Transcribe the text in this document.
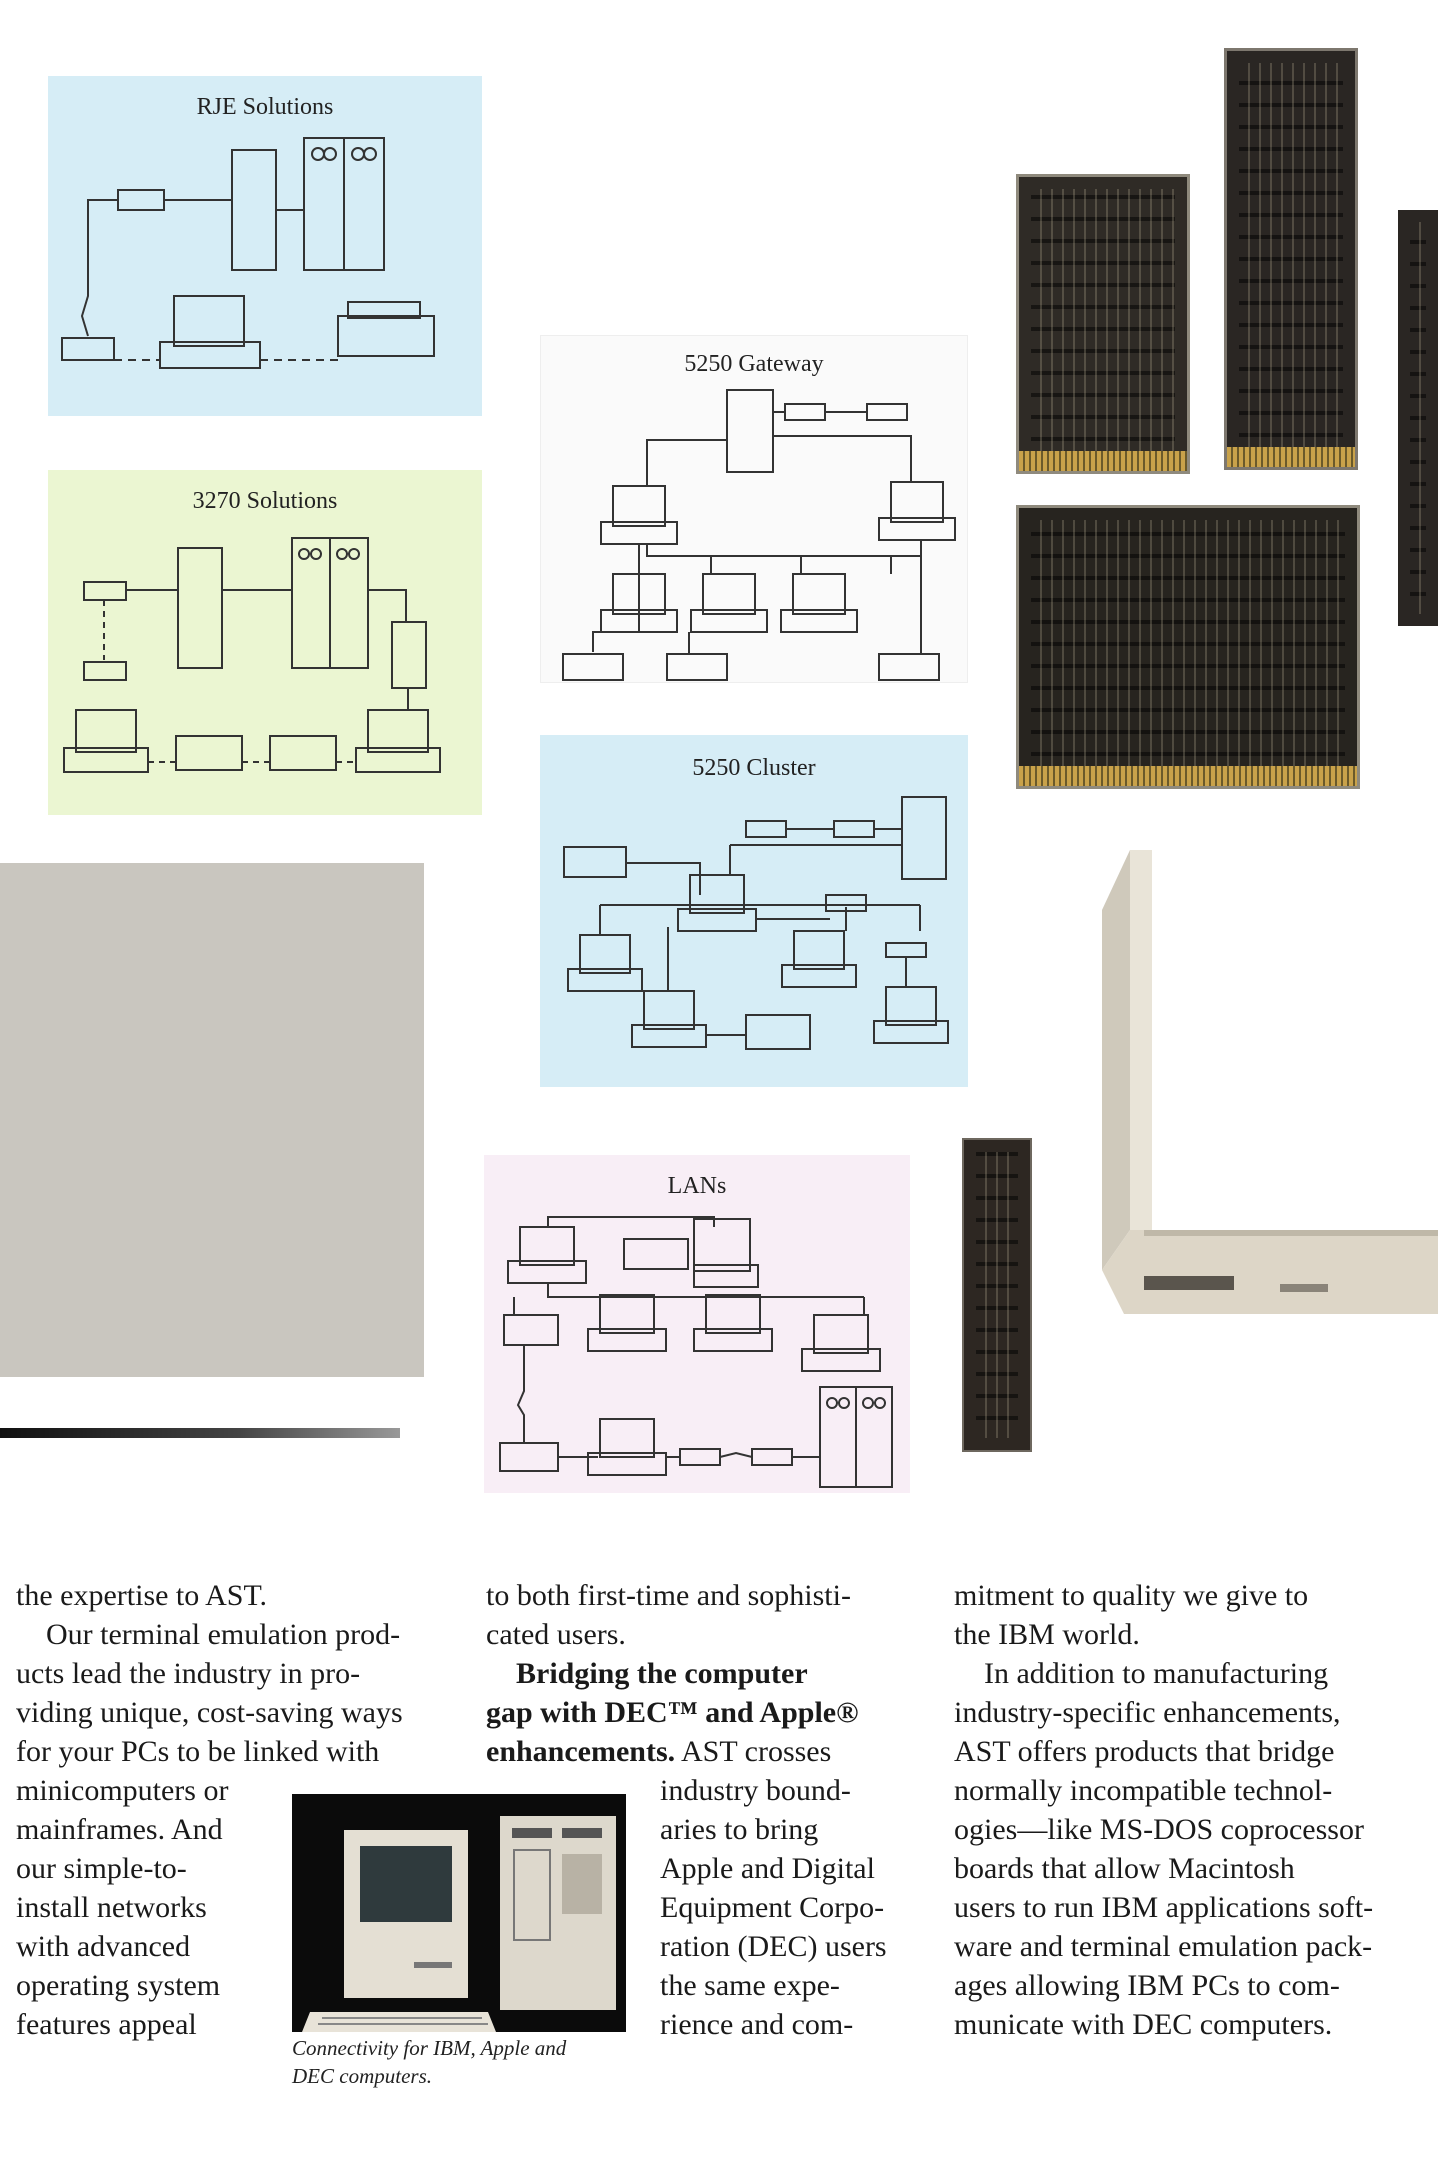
RJE Solutions
3270 Solutions
5250 Gateway
5250 Cluster
LANs
the expertise to AST.
Our terminal emulation prod-
ucts lead the industry in pro-
viding unique, cost-saving ways
for your PCs to be linked with
minicomputers or
mainframes. And
our simple-to-
install networks
with advanced
operating system
features appeal
to both first-time and sophisti-
cated users.
Bridging the computer
gap with DEC™ and Apple®
enhancements. AST crosses
industry bound-
aries to bring
Apple and Digital
Equipment Corpo-
ration (DEC) users
the same expe-
rience and com-
mitment to quality we give to
the IBM world.
In addition to manufacturing
industry-specific enhancements,
AST offers products that bridge
normally incompatible technol-
ogies—like MS-DOS coprocessor
boards that allow Macintosh
users to run IBM applications soft-
ware and terminal emulation pack-
ages allowing IBM PCs to com-
municate with DEC computers.
Connectivity for IBM, Apple and
DEC computers.
